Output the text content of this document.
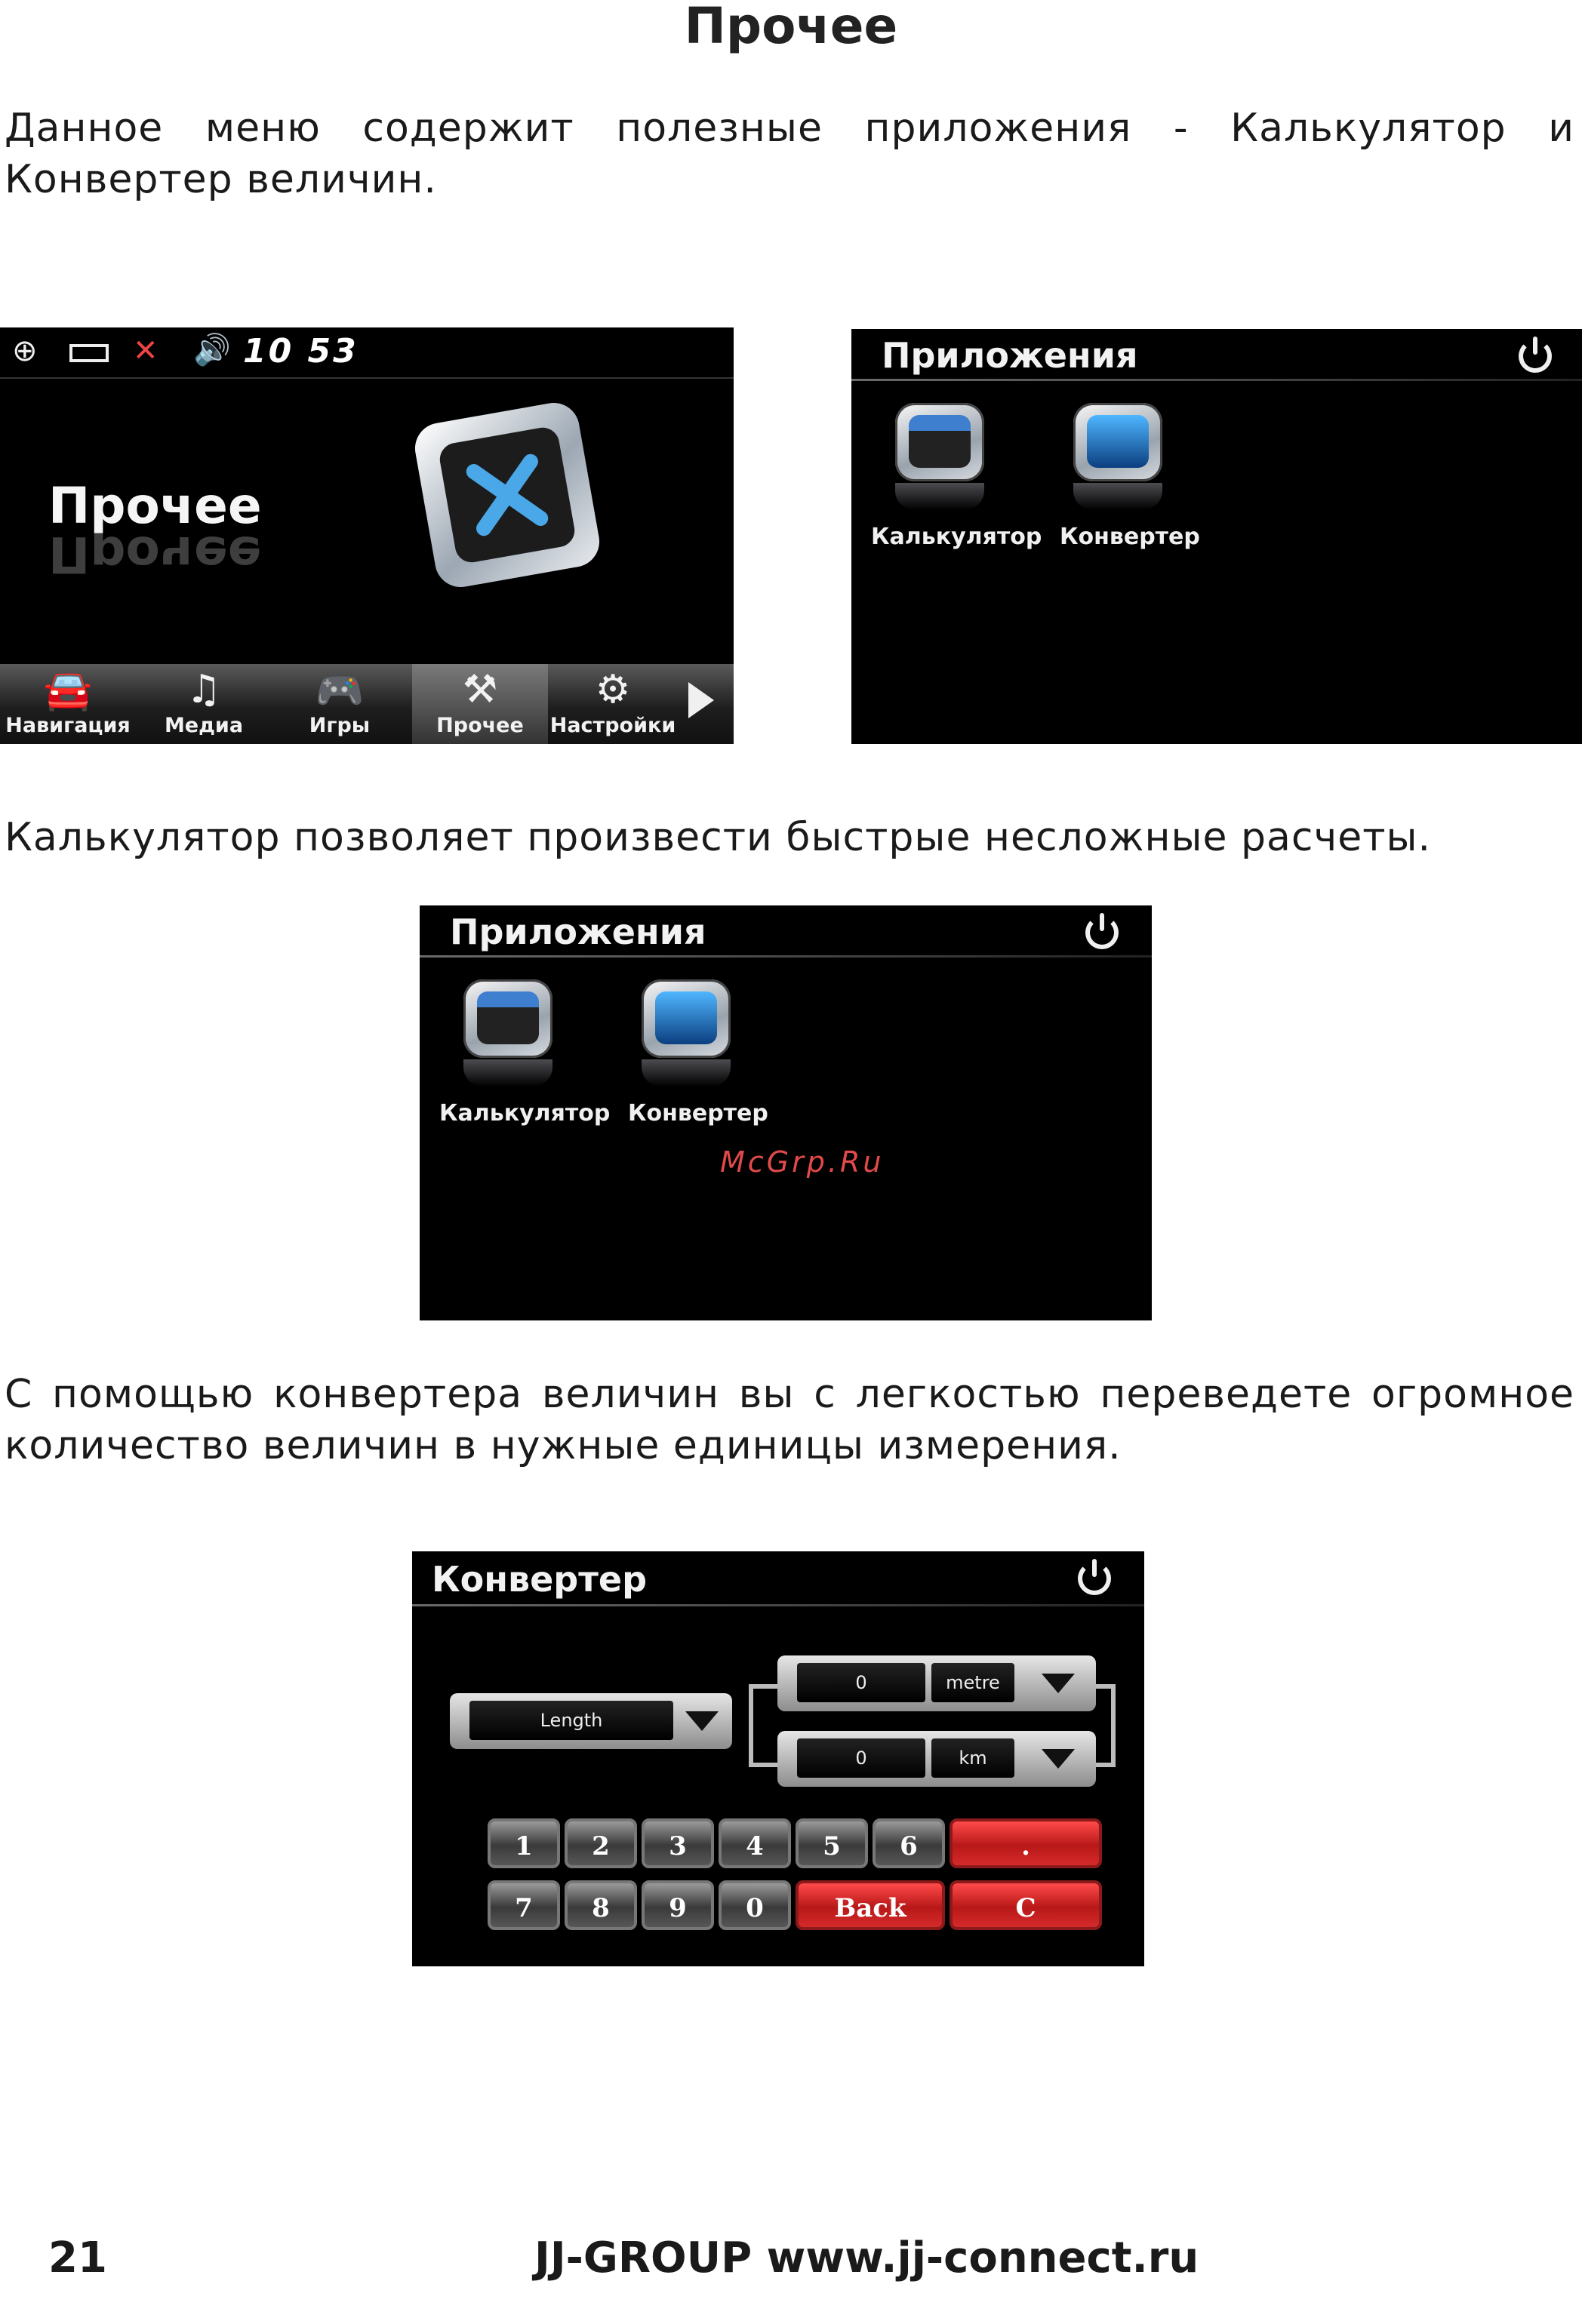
Прочее
Данное меню содержит полезные приложения - Калькулятор и Конвертер величин.
⊕	✕ 🔊 10 53
Прочее
Прочее
🚘
Навигация
♫
Медиа
🎮
Игры
⚒
Прочее
⚙
Настройки
Приложения
Калькулятор Конвертер
Калькулятор позволяет произвести быстрые несложные расчеты.
Приложения
Калькулятор Конвертер
McGrp.Ru
С помощью конвертера величин вы с легкостью переведете огромное количество величин в нужные единицы измерения.
Конвертер
Length
0	metre
0	km
1	2	3	4	5	6	.
7	8	9	0	Back	C
21	JJ-GROUP www.jj-connect.ru
